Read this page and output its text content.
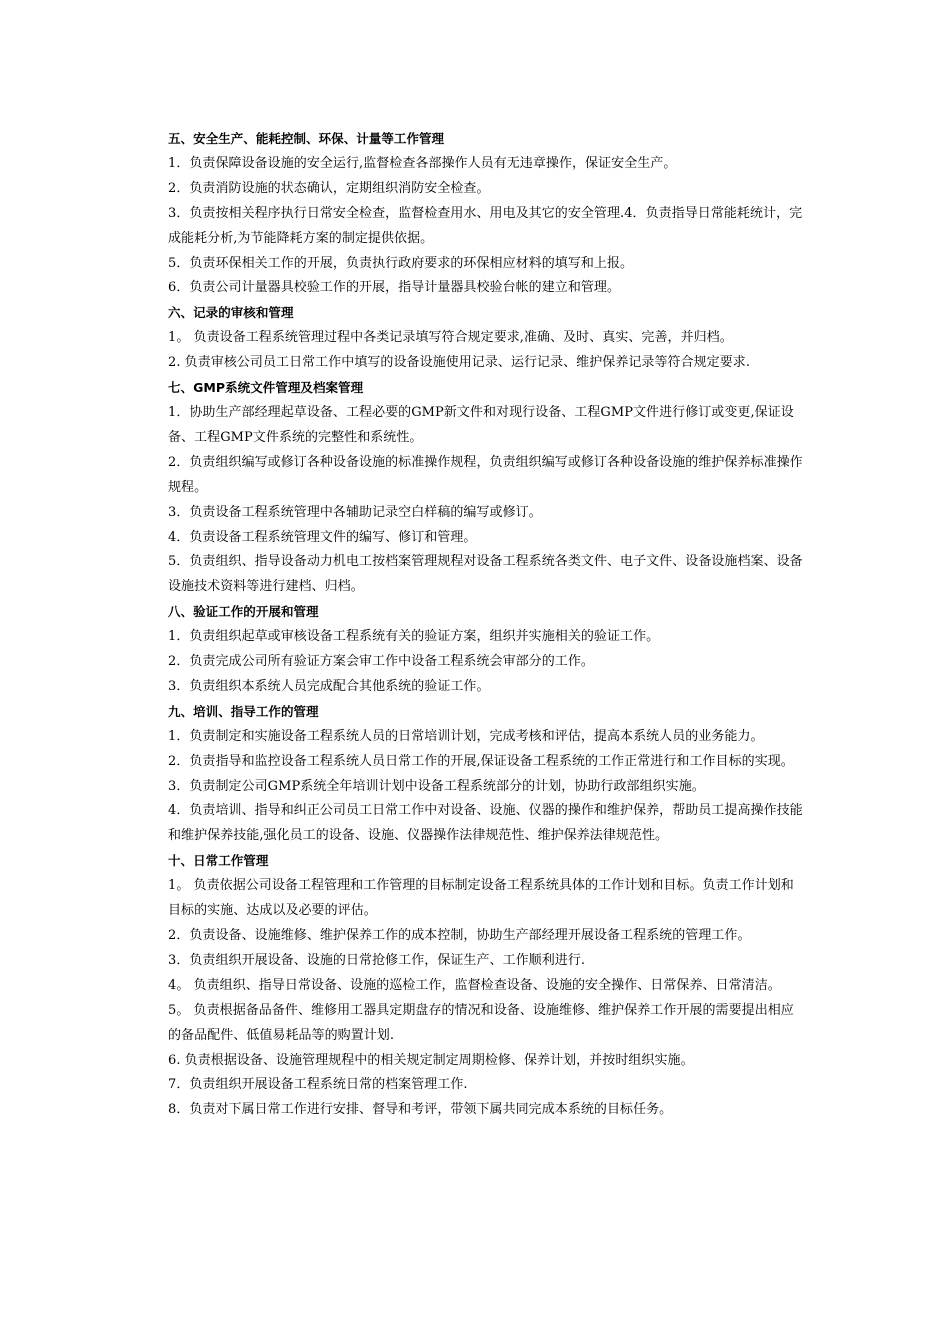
五、安全生产、能耗控制、环保、计量等工作管理

1．负责保障设备设施的安全运行,监督检查各部操作人员有无违章操作，保证安全生产。

2．负责消防设施的状态确认，定期组织消防安全检查。

3．负责按相关程序执行日常安全检查，监督检查用水、用电及其它的安全管理.4．负责指导日常能耗统计，完成能耗分析,为节能降耗方案的制定提供依据。

5．负责环保相关工作的开展，负责执行政府要求的环保相应材料的填写和上报。

6．负责公司计量器具校验工作的开展，指导计量器具校验台帐的建立和管理。

六、记录的审核和管理

1。 负责设备工程系统管理过程中各类记录填写符合规定要求,准确、及时、真实、完善，并归档。

2. 负责审核公司员工日常工作中填写的设备设施使用记录、运行记录、维护保养记录等符合规定要求.

七、GMP系统文件管理及档案管理

1．协助生产部经理起草设备、工程必要的GMP新文件和对现行设备、工程GMP文件进行修订或变更,保证设备、工程GMP文件系统的完整性和系统性。

2．负责组织编写或修订各种设备设施的标准操作规程，负责组织编写或修订各种设备设施的维护保养标准操作规程。

3．负责设备工程系统管理中各辅助记录空白样稿的编写或修订。

4．负责设备工程系统管理文件的编写、修订和管理。

5．负责组织、指导设备动力机电工按档案管理规程对设备工程系统各类文件、电子文件、设备设施档案、设备设施技术资料等进行建档、归档。

八、验证工作的开展和管理

1．负责组织起草或审核设备工程系统有关的验证方案，组织并实施相关的验证工作。

2．负责完成公司所有验证方案会审工作中设备工程系统会审部分的工作。

3．负责组织本系统人员完成配合其他系统的验证工作。

九、培训、指导工作的管理

1．负责制定和实施设备工程系统人员的日常培训计划，完成考核和评估，提高本系统人员的业务能力。

2．负责指导和监控设备工程系统人员日常工作的开展,保证设备工程系统的工作正常进行和工作目标的实现。

3．负责制定公司GMP系统全年培训计划中设备工程系统部分的计划，协助行政部组织实施。

4．负责培训、指导和纠正公司员工日常工作中对设备、设施、仪器的操作和维护保养，帮助员工提高操作技能和维护保养技能,强化员工的设备、设施、仪器操作法律规范性、维护保养法律规范性。

十、日常工作管理

1。 负责依据公司设备工程管理和工作管理的目标制定设备工程系统具体的工作计划和目标。负责工作计划和目标的实施、达成以及必要的评估。

2．负责设备、设施维修、维护保养工作的成本控制，协助生产部经理开展设备工程系统的管理工作。

3．负责组织开展设备、设施的日常抢修工作，保证生产、工作顺利进行.

4。 负责组织、指导日常设备、设施的巡检工作，监督检查设备、设施的安全操作、日常保养、日常清洁。

5。 负责根据备品备件、维修用工器具定期盘存的情况和设备、设施维修、维护保养工作开展的需要提出相应的备品配件、低值易耗品等的购置计划.

6. 负责根据设备、设施管理规程中的相关规定制定周期检修、保养计划，并按时组织实施。

7．负责组织开展设备工程系统日常的档案管理工作.

8．负责对下属日常工作进行安排、督导和考评，带领下属共同完成本系统的目标任务。
